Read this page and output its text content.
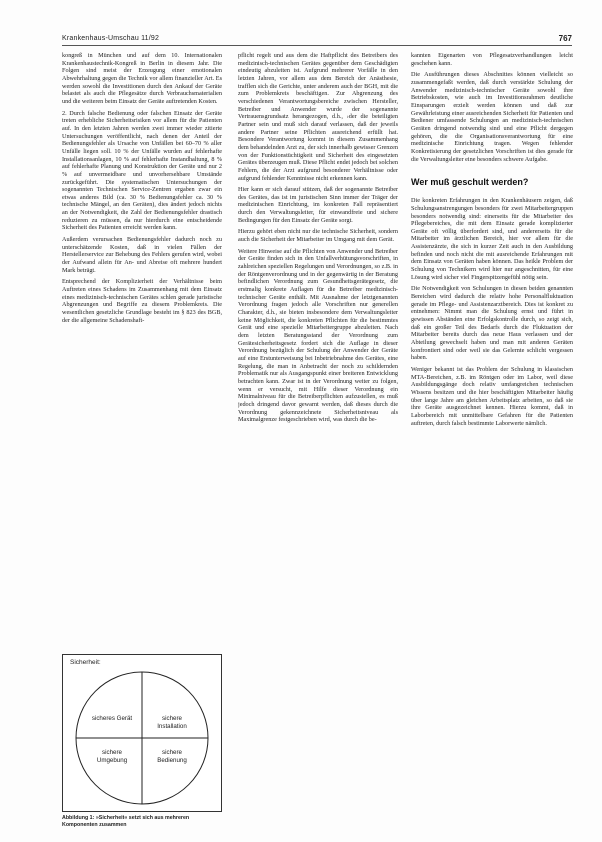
Krankenhaus-Umschau 11/92	767

kongreß in München und auf dem 10. Internationalen Krankenhaustechnik-Kongreß in Berlin in diesem Jahr. Die Folgen sind meist der Erzeugung einer emotionalen Abwehrhaltung gegen die Technik vor allem finanzieller Art. Es werden sowohl die Investitionen durch den Ankauf der Geräte belastet als auch die Pflegesätze durch Verbrauchsmaterialien und die weiteren beim Einsatz der Geräte auftretenden Kosten.

2. Durch falsche Bedienung oder falschen Einsatz der Geräte treten erhebliche Sicherheitsrisiken vor allem für die Patienten auf. In den letzten Jahren werden zwei immer wieder zitierte Untersuchungen veröffentlicht, nach denen der Anteil der Bedienungsfehler als Ursache von Unfällen bei 60–70 % aller Unfälle liegen soll. 10 % der Unfälle wurden auf fehlerhafte Installationsanlagen, 10 % auf fehlerhafte Instandhaltung, 8 % auf fehlerhafte Planung und Konstruktion der Geräte und nur 2 % auf unvermeidbare und unvorhersehbare Umstände zurückgeführt. Die systematischen Untersuchungen der sogenannten Technischen Service-Zentren ergaben zwar ein etwas anderes Bild (ca. 30 % Bedienungsfehler ca. 30 % technische Mängel, an den Geräten), dies ändert jedoch nichts an der Notwendigkeit, die Zahl der Bedienungsfehler drastisch reduzieren zu müssen, da nur hierdurch eine entscheidende Sicherheit des Patienten erreicht werden kann.

Außerdem verursachen Bedienungsfehler dadurch noch zu unterschätzende Kosten, daß in vielen Fällen der Herstellerservice zur Behebung des Fehlers gerufen wird, wobei der Aufwand allein für An- und Abreise oft mehrere hundert Mark beträgt.

Entsprechend der Komplizierheit der Verhältnisse beim Auftreten eines Schadens im Zusammenhang mit dem Einsatz eines medizinisch-technischen Gerätes schlen gerade juristische Abgrenzungen und Begriffe zu diesem Problemkreis. Die wesentlichen gesetzliche Grundlage besteht im § 823 des BGB, der die allgemeine Schadenshaft-

pflicht regelt und aus dem die Haftpflicht des Betreibers des medizinisch-technischen Gerätes gegenüber dem Geschädigten eindeutig abzuleiten ist. Aufgrund mehrerer Vorfälle in den letzten Jahren, vor allem aus dem Bereich der Anästhesie, trafflen sich die Gerichte, unter anderem auch der BGH, mit die zum Problemkreis beschäftigen. Zur Abgrenzung des verschiedenen Verantwortungsbereiche zwischen Hersteller, Betreiber und Anwender wurde der sogenannte Vertrauensgrundsatz herangezogen, d.h., ›der die beteiligten Partner sein und muß sich darauf verlassen, daß der jeweils andere Partner seine Pflichten ausreichend erfüllt hat. Besondere Verantwortung kommt in diesem Zusammenhang dem behandelnden Arzt zu, der sich innerhalb gewisser Grenzen von der Funktionstüchtigkeit und Sicherheit des eingesetzten Gerätes überzeugen muß. Diese Pflicht endet jedoch bei solchen Fehlern, die der Arzt aufgrund besonderer Verhältnisse oder aufgrund fehlender Kenntnisse nicht erkennen kann.

Hier kann er sich darauf stützen, daß der sogenannte Betreiber des Gerätes, das ist im juristischen Sinn immer der Träger der medizinischen Einrichtung, im konkreten Fall repräsentiert durch den Verwaltungsleiter, für einwandfreie und sichere Bedingungen für den Einsatz der Geräte sorgt.

Hierzu gehört eben nicht nur die technische Sicherheit, sondern auch die Sicherheit der Mitarbeiter im Umgang mit dem Gerät.

Weitere Hinweise auf die Pflichten von Anwender und Betreiber der Geräte finden sich in den Unfallverhütungsvorschriften, in zahlreichen speziellen Regelungen und Verordnungen, so z.B. in der Röntgenverordnung und in der gegenwärtig in der Beratung befindlichen Verordnung zum Gesundheitsgerätegesetz, die erstmalig konkrete Auflagen für die Betreiber medizinisch-technischer Geräte enthält. Mit Ausnahme der letztgenannten Verordnung fragen jedoch alle Vorschriften nur generellen Charakter, d.h., sie bieten insbesondere dem Verwaltungsleiter keine Möglichkeit, die konkreten Pflichten für die bestimmtes Gerät und eine spezielle Mitarbeitergruppe abzuleiten. Nach dem letzten Beratungsstand der Verordnung zum Gerätesicherheitsgesetz fordert sich die Auflage in dieser Verordnung bezüglich der Schulung der Anwender der Geräte auf eine Erstunterweisung bei Inbetriebnahme des Gerätes, eine Regelung, die man in Anbetracht der noch zu schildernden Problematik nur als Ausgangspunkt einer breiteren Entwicklung betrachten kann. Zwar ist in der Verordnung weiter zu folgen, wenn er versucht, mit Hilfe dieser Verordnung ein Minimalniveau für die Betreiberpflichten aufzustellen, es muß jedoch dringend davor gewarnt werden, daß dieses durch die Verordnung gekennzeichnete Sicherheitsniveau als Maximalgrenze festgeschrieben wird, was durch die be-

kannten Eigenarten von Pflegesatzverhandlungen leicht geschehen kann.

Die Ausführungen dieses Abschnittes können vielleicht so zusammengefaßt werden, daß durch verstärkte Schulung der Anwender medizinisch-technischer Geräte sowohl ihre Betriebskosten, wie auch im Investitionsrahmen deutliche Einsparungen erzielt werden können und daß zur Gewährleistung einer ausreichenden Sicherheit für Patienten und Bediener umfassende Schulungen an medizinisch-technischen Geräten dringend notwendig sind und eine Pflicht dergegen gehören, die die Organisationsverantwortung für eine medizinische Einrichtung tragen. Wegen fehlender Konkretisierung der gesetzlichen Vorschriften ist dies gerade für die Verwaltungsleiter eine besonders schwere Aufgabe.

Wer muß geschult werden?

Die konkreten Erfahrungen in den Krankenhäusern zeigen, daß Schulungsanstrengungen besonders für zwei Mitarbeitergruppen besonders notwendig sind: einerseits für die Mitarbeiter des Pflegebereiches, die mit dem Einsatz gerade komplizierter Geräte oft völlig überfordert sind, und andererseits für die Mitarbeiter im ärztlichen Bereich, hier vor allem für die Assistenzärzte, die sich in kurzer Zeit auch in den Ausbildung befinden und noch nicht die mit ausreichende Erfahrungen mit dem Einsatz von Geräten haben können. Das heikle Problem der Schulung von Technikern wird hier nur angeschnitten, für eine Lösung wird sicher viel Fingerspitzengefühl nötig sein.

Die Notwendigkeit von Schulungen in diesen beiden genannten Bereichen wird dadurch die relativ hohe Personalfluktuation gerade im Pflege- und Assistenzarztbereich. Dies ist konkret zu entnehmen: Nimmt man die Schulung ernst und führt in gewissen Abständen eine Erfolgskontrolle durch, so zeigt sich, daß ein großer Teil des Bedarfs durch die Fluktuation der Mitarbeiter bereits durch das neue Haus verlassen und der Abteilung gewechselt haben und man mit anderen Geräten konfrontiert sind oder weil sie das Gelernte schlicht vergessen haben.

Weniger bekannt ist das Problem der Schulung in klassischen MTA-Bereichen, z.B. im Röntgen oder im Labor, weil diese Ausbildungsgänge doch relativ umfangreichen technischen Wissens besitzen und die hier beschäftigten Mitarbeiter häufig über lange Jahre am gleichen Arbeitsplatz arbeiten, so daß sie ihre Geräte ausgezeichnet kennen. Hierzu kommt, daß in Laborbereich mit unmittelbare Gefahren für die Patienten auftreten, durch falsch bestimmte Laborwerte nämlich.

Sicherheit:
sicheres Gerät	sichere Installation
sichere Umgebung
sichere Bedienung
Abbildung 1: »Sicherheit« setzt sich aus mehreren Komponenten zusammen
